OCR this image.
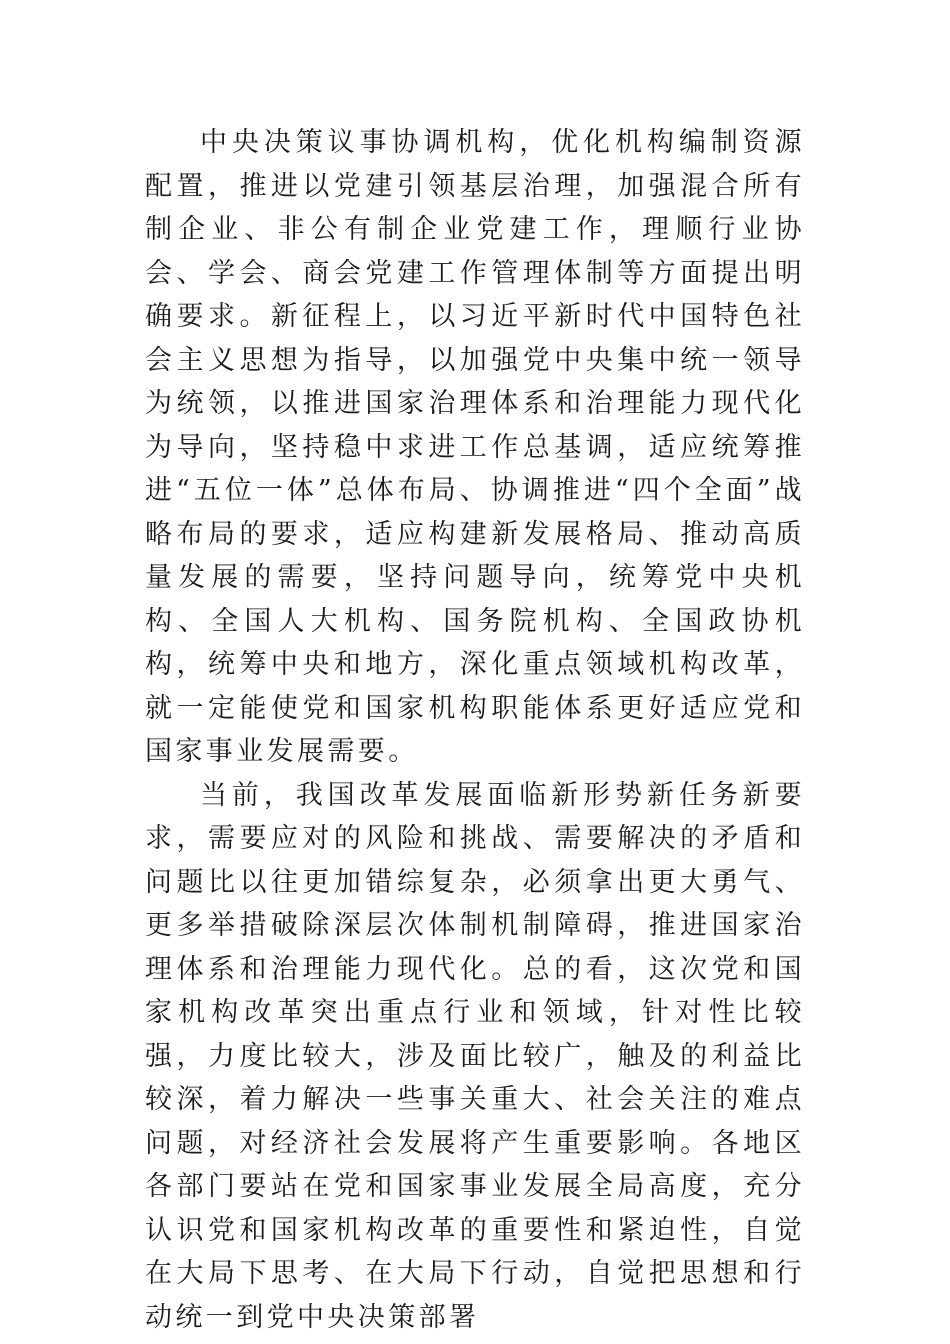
中央决策议事协调机构，优化机构编制资源配置，推进以党建引领基层治理，加强混合所有制企业、非公有制企业党建工作，理顺行业协会、学会、商会党建工作管理体制等方面提出明确要求。新征程上，以习近平新时代中国特色社会主义思想为指导，以加强党中央集中统一领导为统领，以推进国家治理体系和治理能力现代化为导向，坚持稳中求进工作总基调，适应统筹推进“五位一体”总体布局、协调推进“四个全面”战略布局的要求，适应构建新发展格局、推动高质量发展的需要，坚持问题导向，统筹党中央机构、全国人大机构、国务院机构、全国政协机构，统筹中央和地方，深化重点领域机构改革，就一定能使党和国家机构职能体系更好适应党和国家事业发展需要。

当前，我国改革发展面临新形势新任务新要求，需要应对的风险和挑战、需要解决的矛盾和问题比以往更加错综复杂，必须拿出更大勇气、更多举措破除深层次体制机制障碍，推进国家治理体系和治理能力现代化。总的看，这次党和国家机构改革突出重点行业和领域，针对性比较强，力度比较大，涉及面比较广，触及的利益比较深，着力解决一些事关重大、社会关注的难点问题，对经济社会发展将产生重要影响。各地区各部门要站在党和国家事业发展全局高度，充分认识党和国家机构改革的重要性和紧迫性，自觉在大局下思考、在大局下行动，自觉把思想和行动统一到党中央决策部署
